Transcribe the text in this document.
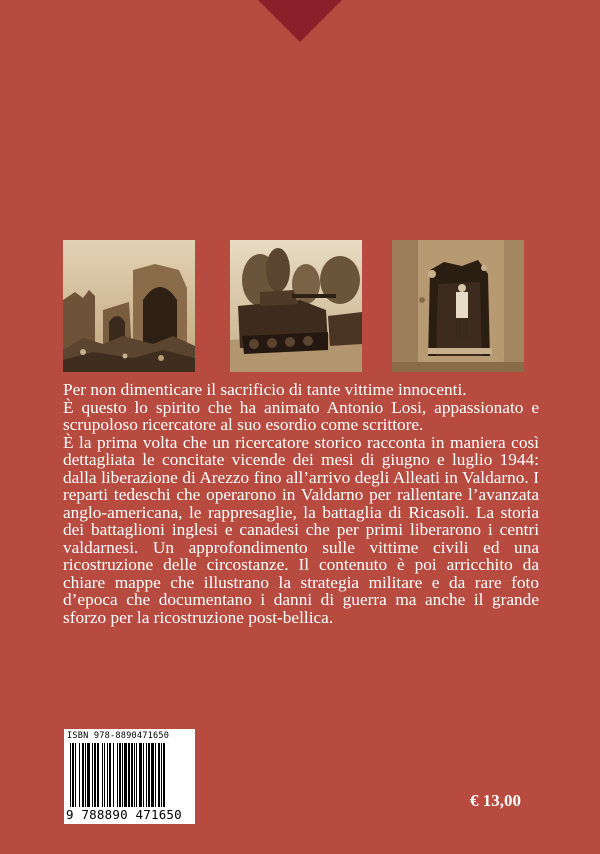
Per non dimenticare il sacrificio di tante vittime innocenti.

È questo lo spirito che ha animato Antonio Losi, appassionato e scrupoloso ricercatore al suo esordio come scrittore.

È la prima volta che un ricercatore storico racconta in maniera così dettagliata le concitate vicende dei mesi di giugno e luglio 1944: dalla liberazione di Arezzo fino all’arrivo degli Alleati in Valdarno. I reparti tedeschi che operarono in Valdarno per rallentare l’avanzata anglo-americana, le rappresaglie, la battaglia di Ricasoli. La storia dei battaglioni inglesi e canadesi che per primi liberarono i centri valdarnesi. Un approfondimento sulle vittime civili ed una ricostruzione delle circostanze. Il contenuto è poi arricchito da chiare mappe che illustrano la strategia militare e da rare foto d’epoca che documentano i danni di guerra ma anche il grande sforzo per la ricostruzione post-bellica.

ISBN 978-8890471650
9 788890 471650
€ 13,00
